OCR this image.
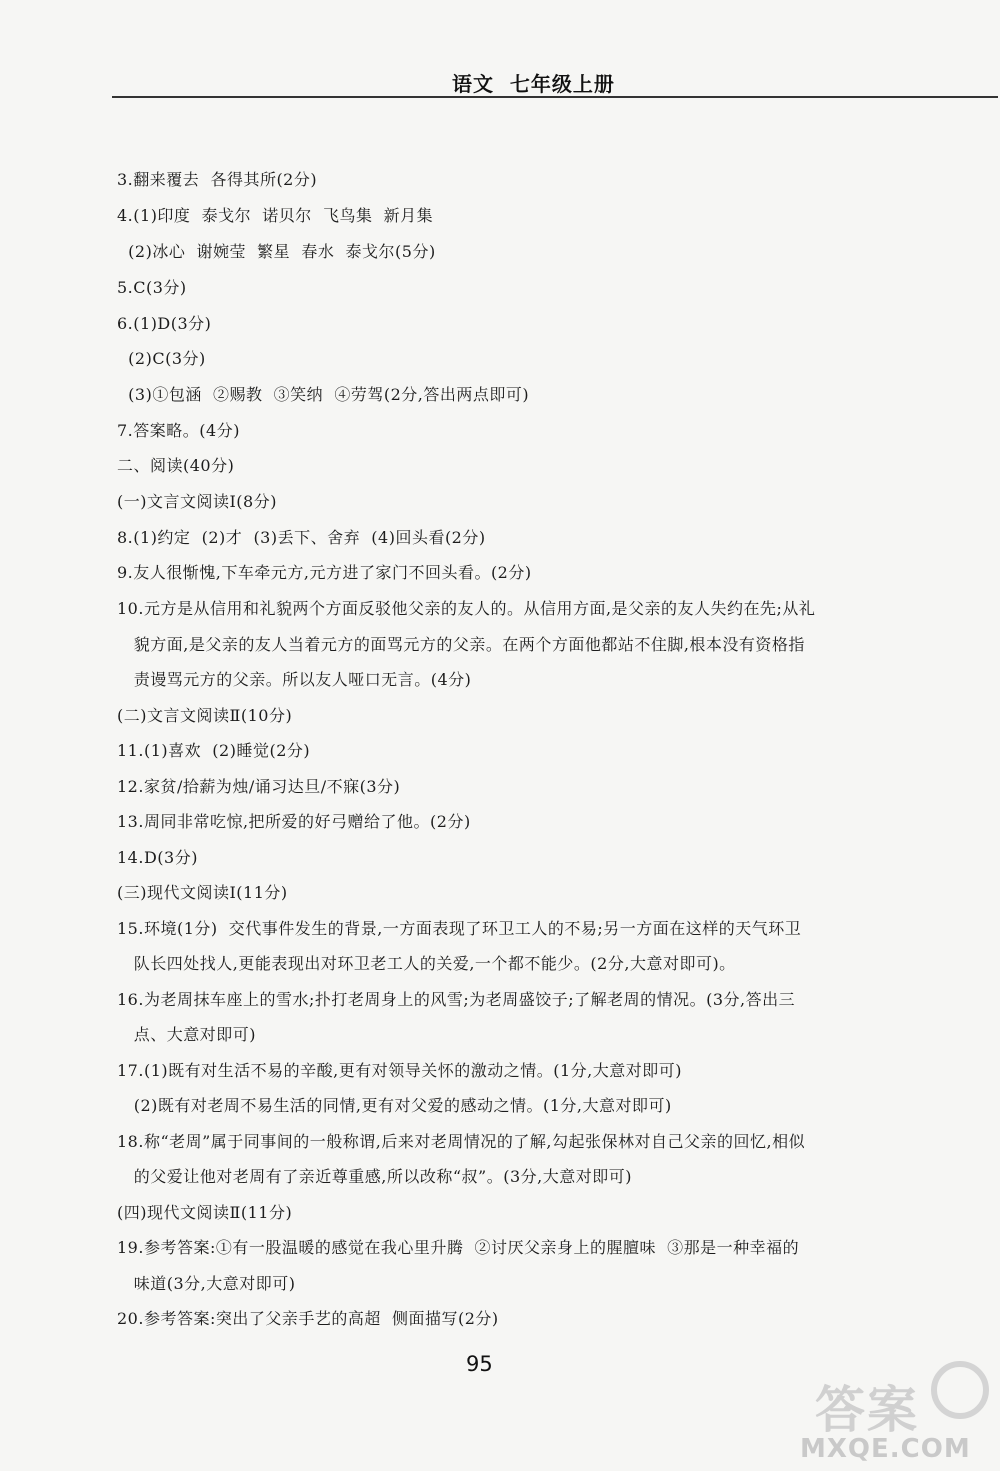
语文  七年级上册
3.翻来覆去  各得其所(2分)
4.(1)印度  泰戈尔  诺贝尔  飞鸟集  新月集
(2)冰心  谢婉莹  繁星  春水  泰戈尔(5分)
5.C(3分)
6.(1)D(3分)
(2)C(3分)
(3)①包涵  ②赐教  ③笑纳  ④劳驾(2分,答出两点即可)
7.答案略。(4分)
二、阅读(40分)
(一)文言文阅读Ⅰ(8分)
8.(1)约定  (2)才  (3)丢下、舍弃  (4)回头看(2分)
9.友人很惭愧,下车牵元方,元方进了家门不回头看。(2分)
10.元方是从信用和礼貌两个方面反驳他父亲的友人的。从信用方面,是父亲的友人失约在先;从礼
貌方面,是父亲的友人当着元方的面骂元方的父亲。在两个方面他都站不住脚,根本没有资格指
责谩骂元方的父亲。所以友人哑口无言。(4分)
(二)文言文阅读Ⅱ(10分)
11.(1)喜欢  (2)睡觉(2分)
12.家贫/拾薪为烛/诵习达旦/不寐(3分)
13.周同非常吃惊,把所爱的好弓赠给了他。(2分)
14.D(3分)
(三)现代文阅读Ⅰ(11分)
15.环境(1分)  交代事件发生的背景,一方面表现了环卫工人的不易;另一方面在这样的天气环卫
队长四处找人,更能表现出对环卫老工人的关爱,一个都不能少。(2分,大意对即可)。
16.为老周抹车座上的雪水;扑打老周身上的风雪;为老周盛饺子;了解老周的情况。(3分,答出三
点、大意对即可)
17.(1)既有对生活不易的辛酸,更有对领导关怀的激动之情。(1分,大意对即可)
(2)既有对老周不易生活的同情,更有对父爱的感动之情。(1分,大意对即可)
18.称“老周”属于同事间的一般称谓,后来对老周情况的了解,勾起张保林对自己父亲的回忆,相似
的父爱让他对老周有了亲近尊重感,所以改称“叔”。(3分,大意对即可)
(四)现代文阅读Ⅱ(11分)
19.参考答案:①有一股温暖的感觉在我心里升腾  ②讨厌父亲身上的腥膻味  ③那是一种幸福的
味道(3分,大意对即可)
20.参考答案:突出了父亲手艺的高超  侧面描写(2分)
95
答案
MXQE.COM
